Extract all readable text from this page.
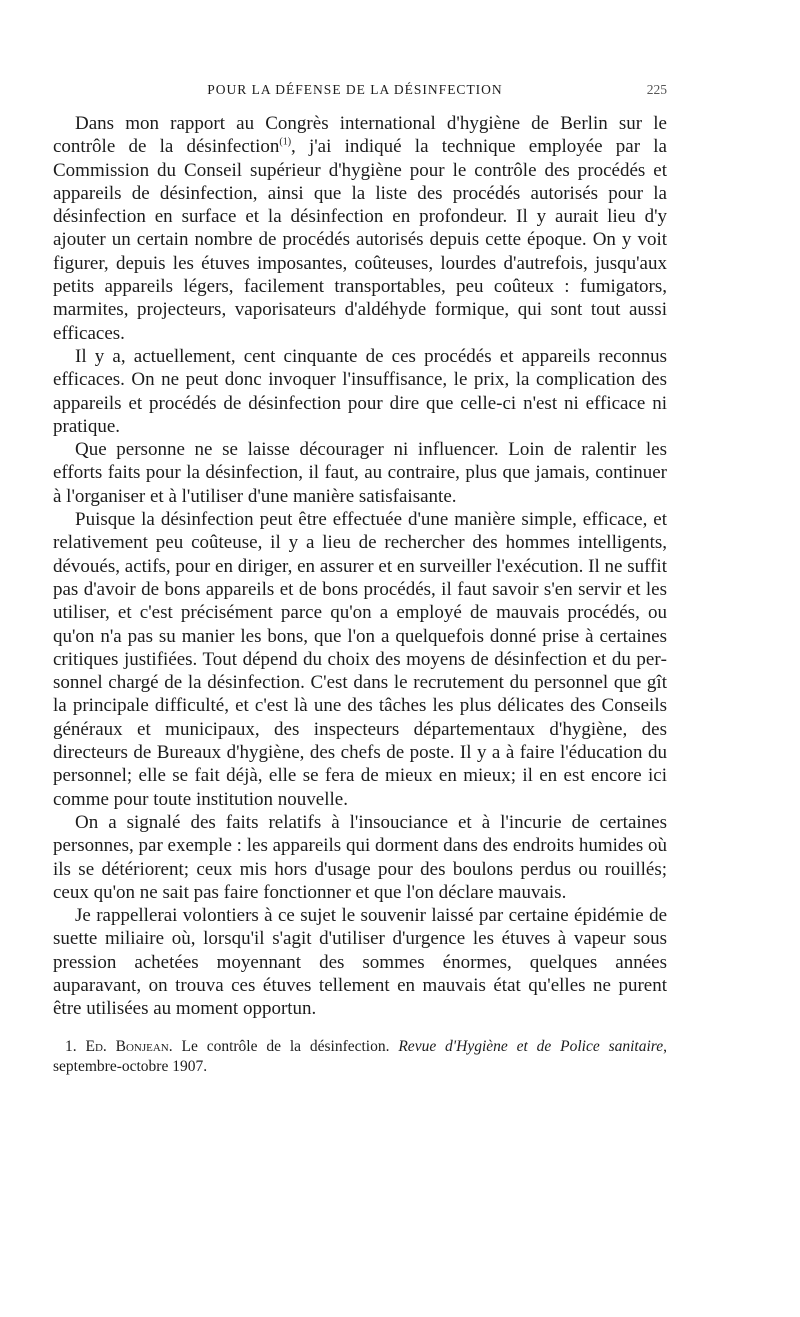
POUR LA DÉFENSE DE LA DÉSINFECTION	225

Dans mon rapport au Congrès international d'hygiène de Berlin sur le contrôle de la désinfection$^{(1)}$, j'ai indiqué la technique employée par la Commission du Conseil supérieur d'hygiène pour le contrôle des procédés et appareils de désinfection, ainsi que la liste des procédés autorisés pour la désinfection en surface et la désinfection en profondeur. Il y aurait lieu d'y ajouter un certain nombre de procédés autorisés depuis cette époque. On y voit figurer, depuis les étuves imposantes, coûteuses, lourdes d'autrefois, jusqu'aux petits appareils légers, facilement transportables, peu coûteux : fumigators, marmites, projecteurs, vaporisateurs d'aldéhyde formique, qui sont tout aussi efficaces.

Il y a, actuellement, cent cinquante de ces procédés et appareils reconnus efficaces. On ne peut donc invoquer l'insuffisance, le prix, la complication des appareils et procédés de désinfection pour dire que celle-ci n'est ni efficace ni pratique.

Que personne ne se laisse décourager ni influencer. Loin de ralentir les efforts faits pour la désinfection, il faut, au contraire, plus que jamais, continuer à l'organiser et à l'utiliser d'une manière satisfaisante.

Puisque la désinfection peut être effectuée d'une manière simple, efficace, et relativement peu coûteuse, il y a lieu de rechercher des hommes intelligents, dévoués, actifs, pour en diriger, en assurer et en surveiller l'exécution. Il ne suffit pas d'avoir de bons appareils et de bons procédés, il faut savoir s'en servir et les utiliser, et c'est précisément parce qu'on a employé de mauvais procédés, ou qu'on n'a pas su manier les bons, que l'on a quelquefois donné prise à certaines critiques justifiées. Tout dépend du choix des moyens de désinfection et du personnel chargé de la désinfection. C'est dans le recrutement du personnel que gît la principale difficulté, et c'est là une des tâches les plus délicates des Conseils généraux et municipaux, des inspecteurs départementaux d'hygiène, des directeurs de Bureaux d'hygiène, des chefs de poste. Il y a à faire l'éducation du personnel; elle se fait déjà, elle se fera de mieux en mieux; il en est encore ici comme pour toute institution nouvelle.

On a signalé des faits relatifs à l'insouciance et à l'incurie de certaines personnes, par exemple : les appareils qui dorment dans des endroits humides où ils se détériorent; ceux mis hors d'usage pour des boulons perdus ou rouillés; ceux qu'on ne sait pas faire fonctionner et que l'on déclare mauvais.

Je rappellerai volontiers à ce sujet le souvenir laissé par certaine épidémie de suette miliaire où, lorsqu'il s'agit d'utiliser d'urgence les étuves à vapeur sous pression achetées moyennant des sommes énormes, quelques années auparavant, on trouva ces étuves tellement en mauvais état qu'elles ne purent être utilisées au moment opportun.

1. Ed. Bonjean. Le contrôle de la désinfection. Revue d'Hygiène et de Police sanitaire, septembre-octobre 1907.
